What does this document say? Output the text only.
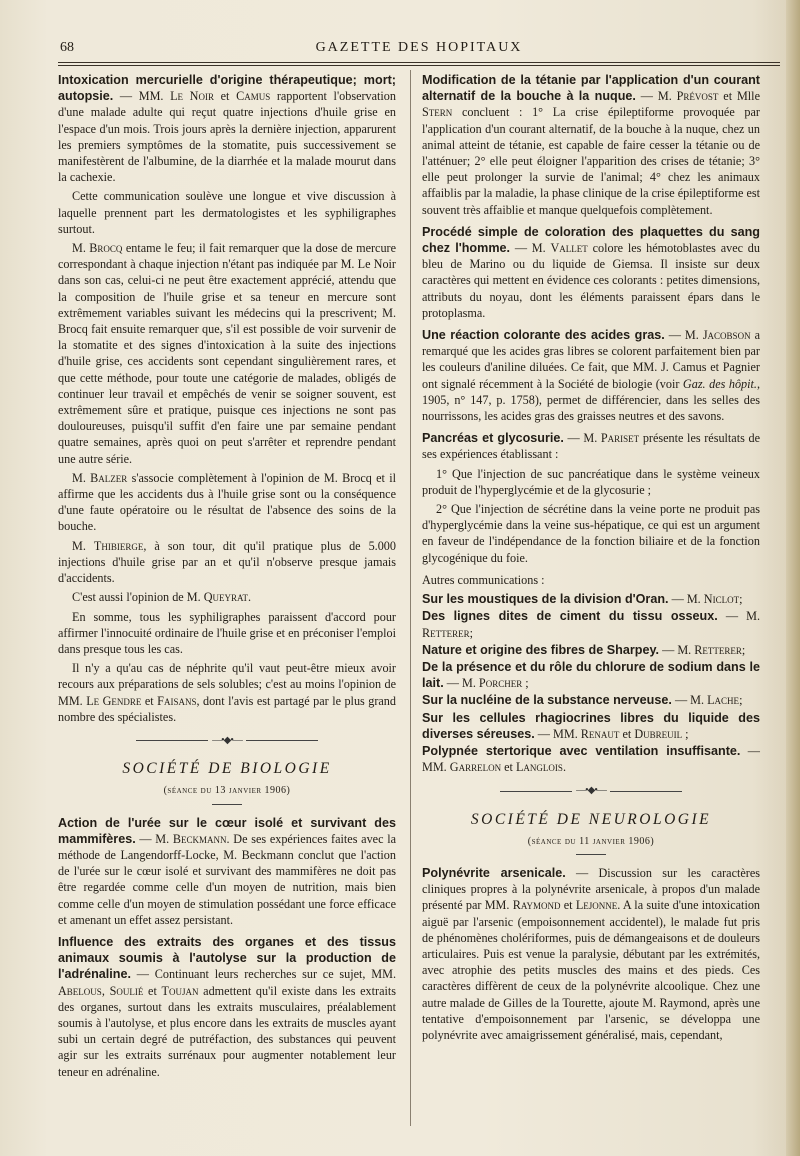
68	GAZETTE DES HOPITAUX

Intoxication mercurielle d'origine thérapeutique; mort; autopsie. — MM. Le Noir et Camus rapportent l'observation d'une malade adulte qui reçut quatre injections d'huile grise en l'espace d'un mois. Trois jours après la dernière injection, apparurent les premiers symptômes de la stomatite, puis successivement se manifestèrent de l'albumine, de la diarrhée et la malade mourut dans la cachexie.

Cette communication soulève une longue et vive discussion à laquelle prennent part les dermatologistes et les syphiligraphes surtout.

M. Brocq entame le feu; il fait remarquer que la dose de mercure correspondant à chaque injection n'étant pas indiquée par M. Le Noir dans son cas, celui-ci ne peut être exactement apprécié, attendu que la composition de l'huile grise et sa teneur en mercure sont extrêmement variables suivant les médecins qui la prescrivent; M. Brocq fait ensuite remarquer que, s'il est possible de voir survenir de la stomatite et des signes d'intoxication à la suite des injections d'huile grise, ces accidents sont cependant singulièrement rares, et que cette méthode, pour toute une catégorie de malades, obligés de continuer leur travail et empêchés de venir se soigner souvent, est extrêmement sûre et pratique, puisque ces injections ne sont pas douloureuses, puisqu'il suffit d'en faire une par semaine pendant quatre semaines, après quoi on peut s'arrêter et reprendre pendant une autre série.

M. Balzer s'associe complètement à l'opinion de M. Brocq et il affirme que les accidents dus à l'huile grise sont ou la conséquence d'une faute opératoire ou le résultat de l'absence des soins de la bouche.

M. Thibierge, à son tour, dit qu'il pratique plus de 5.000 injections d'huile grise par an et qu'il n'observe presque jamais d'accidents.

C'est aussi l'opinion de M. Queyrat.

En somme, tous les syphiligraphes paraissent d'accord pour affirmer l'innocuité ordinaire de l'huile grise et en préconiser l'emploi dans presque tous les cas.

Il n'y a qu'au cas de néphrite qu'il vaut peut-être mieux avoir recours aux préparations de sels solubles; c'est au moins l'opinion de MM. Le Gendre et Faisans, dont l'avis est partagé par le plus grand nombre des spécialistes.

—•◆•—
SOCIÉTÉ DE BIOLOGIE
(séance du 13 janvier 1906)

Action de l'urée sur le cœur isolé et survivant des mammifères. — M. Beckmann. De ses expériences faites avec la méthode de Langendorff-Locke, M. Beckmann conclut que l'action de l'urée sur le cœur isolé et survivant des mammifères ne doit pas être regardée comme celle d'un moyen de nutrition, mais bien comme celle d'un moyen de stimulation possédant une force efficace et amenant un effet assez persistant.

Influence des extraits des organes et des tissus animaux soumis à l'autolyse sur la production de l'adrénaline. — Continuant leurs recherches sur ce sujet, MM. Abelous, Soulié et Toujan admettent qu'il existe dans les extraits des organes, surtout dans les extraits musculaires, préalablement soumis à l'autolyse, et plus encore dans les extraits de muscles ayant subi un certain degré de putréfaction, des substances qui peuvent agir sur les extraits surrénaux pour augmenter notablement leur teneur en adrénaline.

Modification de la tétanie par l'application d'un courant alternatif de la bouche à la nuque. — M. Prévost et Mlle Stern concluent : 1° La crise épileptiforme provoquée par l'application d'un courant alternatif, de la bouche à la nuque, chez un animal atteint de tétanie, est capable de faire cesser la tétanie ou de l'atténuer; 2° elle peut éloigner l'apparition des crises de tétanie; 3° elle peut prolonger la survie de l'animal; 4° chez les animaux affaiblis par la maladie, la phase clinique de la crise épileptiforme est souvent très affaiblie et manque quelquefois complètement.

Procédé simple de coloration des plaquettes du sang chez l'homme. — M. Vallet colore les hémotoblastes avec du bleu de Marino ou du liquide de Giemsa. Il insiste sur deux caractères qui mettent en évidence ces colorants : petites dimensions, attributs du noyau, dont les éléments paraissent épars dans le protoplasma.

Une réaction colorante des acides gras. — M. Jacobson a remarqué que les acides gras libres se colorent parfaitement bien par les couleurs d'aniline diluées. Ce fait, que MM. J. Camus et Pagnier ont signalé récemment à la Société de biologie (voir Gaz. des hôpit., 1905, n° 147, p. 1758), permet de différencier, dans les selles des nourrissons, les acides gras des graisses neutres et des savons.

Pancréas et glycosurie. — M. Pariset présente les résultats de ses expériences établissant :

1° Que l'injection de suc pancréatique dans le système veineux produit de l'hyperglycémie et de la glycosurie ;

2° Que l'injection de sécrétine dans la veine porte ne produit pas d'hyperglycémie dans la veine sus-hépatique, ce qui est un argument en faveur de l'indépendance de la fonction biliaire et de la fonction glycogénique du foie.

Autres communications :

Sur les moustiques de la division d'Oran. — M. Niclot;

Des lignes dites de ciment du tissu osseux. — M. Retterer;

Nature et origine des fibres de Sharpey. — M. Retterer;

De la présence et du rôle du chlorure de sodium dans le lait. — M. Porcher ;

Sur la nucléine de la substance nerveuse. — M. Lache;

Sur les cellules rhagiocrines libres du liquide des diverses séreuses. — MM. Renaut et Dubreuil ;

Polypnée stertorique avec ventilation insuffisante. — MM. Garrelon et Langlois.

—•◆•—
SOCIÉTÉ DE NEUROLOGIE
(séance du 11 janvier 1906)

Polynévrite arsenicale. — Discussion sur les caractères cliniques propres à la polynévrite arsenicale, à propos d'un malade présenté par MM. Raymond et Lejonne. A la suite d'une intoxication aiguë par l'arsenic (empoisonnement accidentel), le malade fut pris de phénomènes cholériformes, puis de démangeaisons et de douleurs articulaires. Puis est venue la paralysie, débutant par les extrémités, avec atrophie des petits muscles des mains et des pieds. Ces caractères diffèrent de ceux de la polynévrite alcoolique. Chez une autre malade de Gilles de la Tourette, ajoute M. Raymond, après une tentative d'empoisonnement par l'arsenic, se développa une polynévrite avec amaigrissement généralisé, mais, cependant,
